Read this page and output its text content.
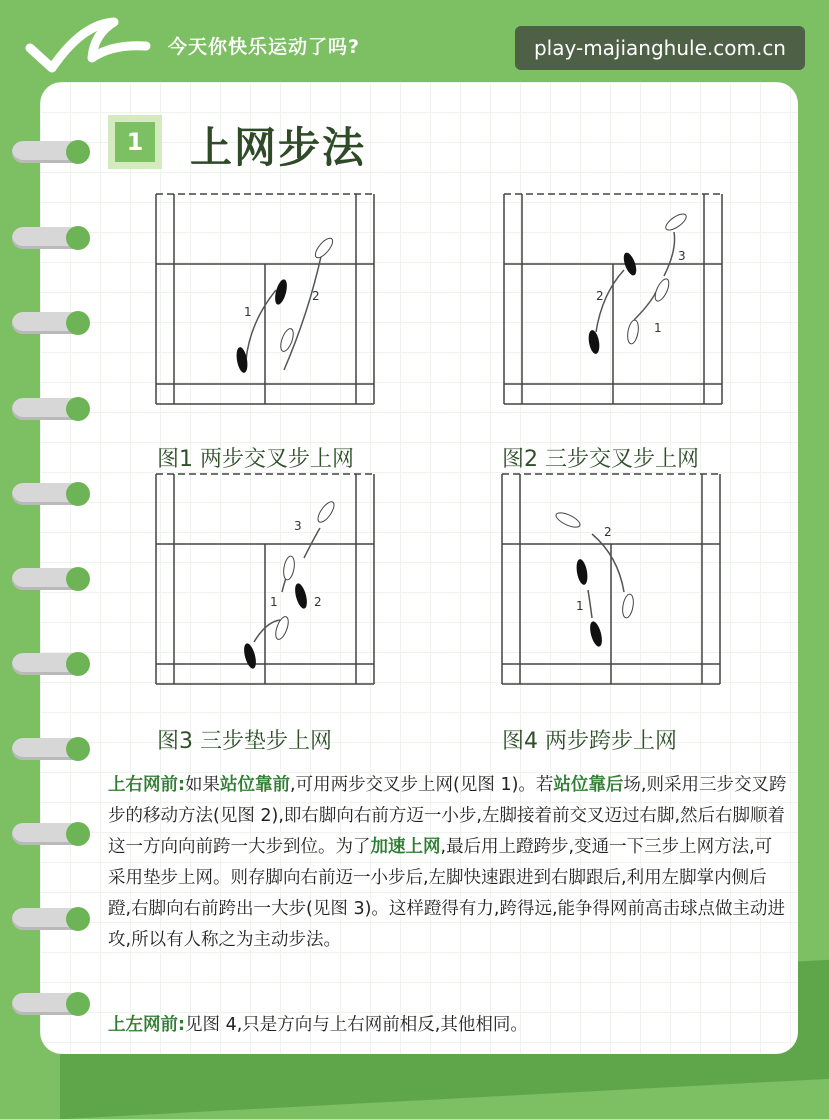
今天你快乐运动了吗?	play-majianghule.com.cn
1 上网步法
1
2
图1 两步交叉步上网
1
2
3
图2 三步交叉步上网
1	2
3
图3 三步垫步上网
1
2
图4 两步跨步上网

上右网前:如果站位靠前,可用两步交叉步上网(见图 1)。若站位靠后场,则采用三步交叉跨步的移动方法(见图 2),即右脚向右前方迈一小步,左脚接着前交叉迈过右脚,然后右脚顺着这一方向向前跨一大步到位。为了加速上网,最后用上蹬跨步,变通一下三步上网方法,可采用垫步上网。则存脚向右前迈一小步后,左脚快速跟进到右脚跟后,利用左脚掌内侧后蹬,右脚向右前跨出一大步(见图 3)。这样蹬得有力,跨得远,能争得网前高击球点做主动进攻,所以有人称之为主动步法。

上左网前:见图 4,只是方向与上右网前相反,其他相同。
